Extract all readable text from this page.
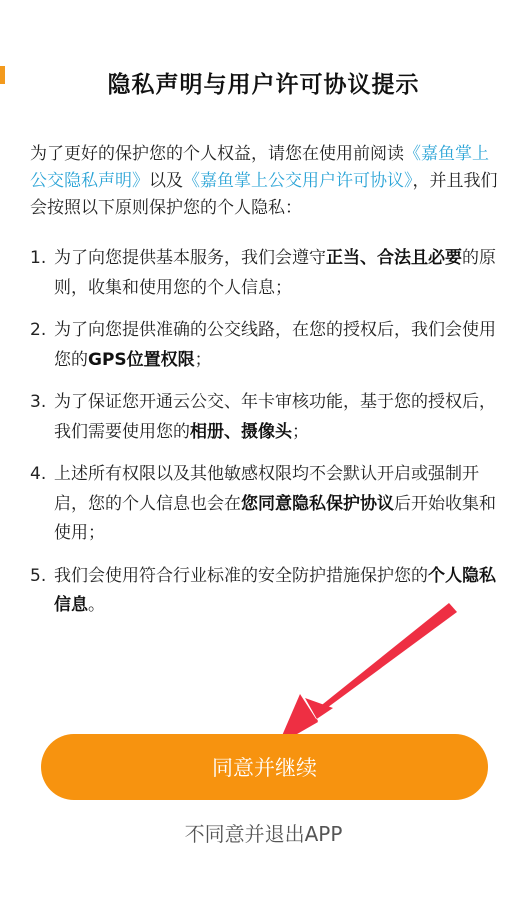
隐私声明与用户许可协议提示

为了更好的保护您的个人权益，请您在使用前阅读《嘉鱼掌上公交隐私声明》以及《嘉鱼掌上公交用户许可协议》，并且我们会按照以下原则保护您的个人隐私：

1. 为了向您提供基本服务，我们会遵守正当、合法且必要的原则，收集和使用您的个人信息；
2. 为了向您提供准确的公交线路，在您的授权后，我们会使用您的GPS位置权限；
3. 为了保证您开通云公交、年卡审核功能，基于您的授权后，我们需要使用您的相册、摄像头；
4. 上述所有权限以及其他敏感权限均不会默认开启或强制开启，您的个人信息也会在您同意隐私保护协议后开始收集和使用；
5. 我们会使用符合行业标准的安全防护措施保护您的个人隐私信息。
同意并继续
不同意并退出APP
